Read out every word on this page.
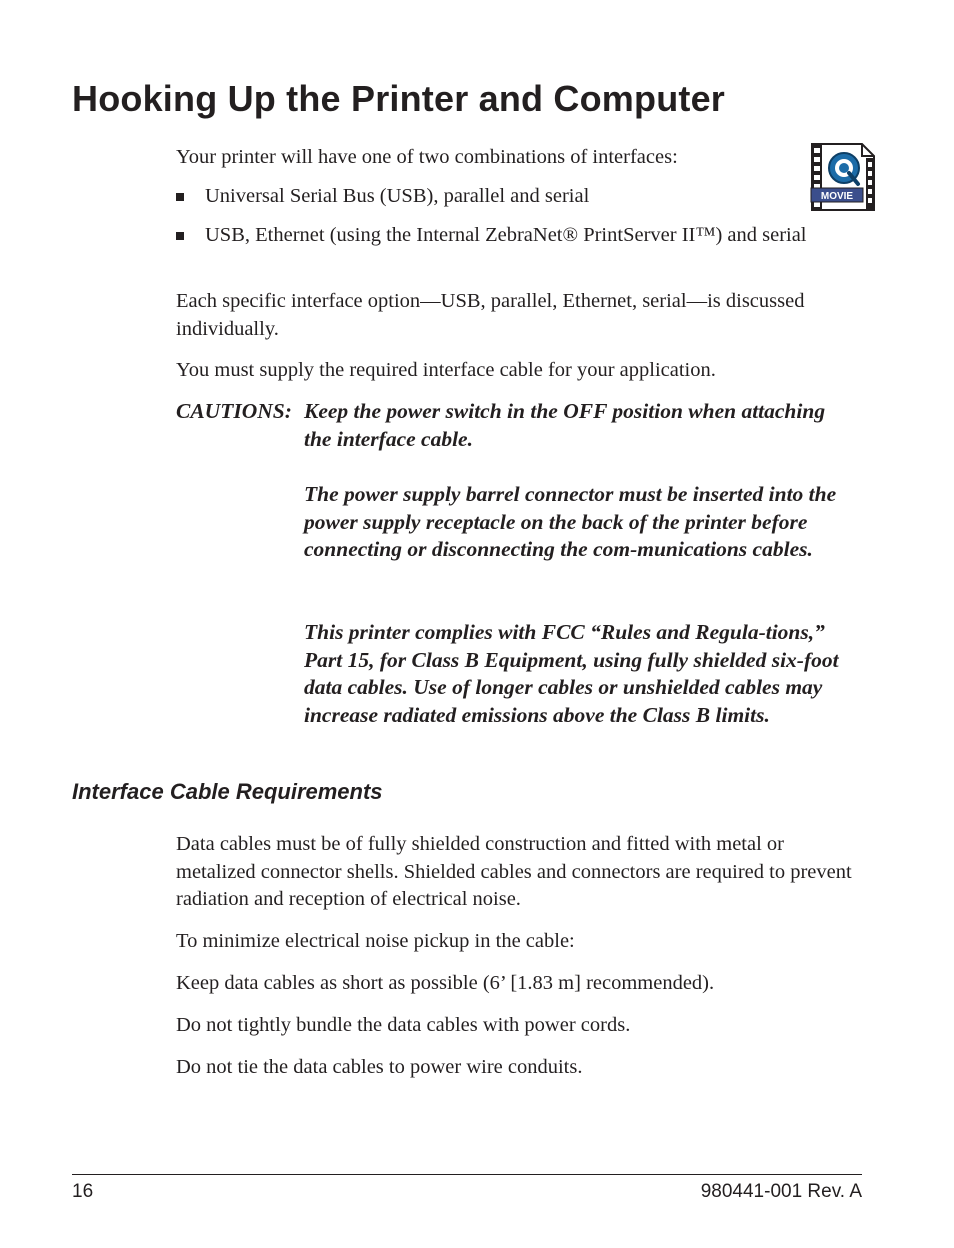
Hooking Up the Printer and Computer

Your printer will have one of two combinations of interfaces:

MOVIE
Universal Serial Bus (USB), parallel and serial
USB, Ethernet (using the Internal ZebraNet® PrintServer II™) and serial

Each specific interface option—USB, parallel, Ethernet, serial—is discussed individually.

You must supply the required interface cable for your application.

CAUTIONS: Keep the power switch in the OFF position when attaching the interface cable.

The power supply barrel connector must be inserted into the power supply receptacle on the back of the printer before connecting or disconnecting the com-munications cables.

This printer complies with FCC “Rules and Regula-tions,” Part 15, for Class B Equipment, using fully shielded six-foot data cables. Use of longer cables or unshielded cables may increase radiated emissions above the Class B limits.

Interface Cable Requirements

Data cables must be of fully shielded construction and fitted with metal or metalized connector shells. Shielded cables and connectors are required to prevent radiation and reception of electrical noise.

To minimize electrical noise pickup in the cable:

Keep data cables as short as possible (6’ [1.83 m] recommended).

Do not tightly bundle the data cables with power cords.

Do not tie the data cables to power wire conduits.

16	980441-001 Rev. A
